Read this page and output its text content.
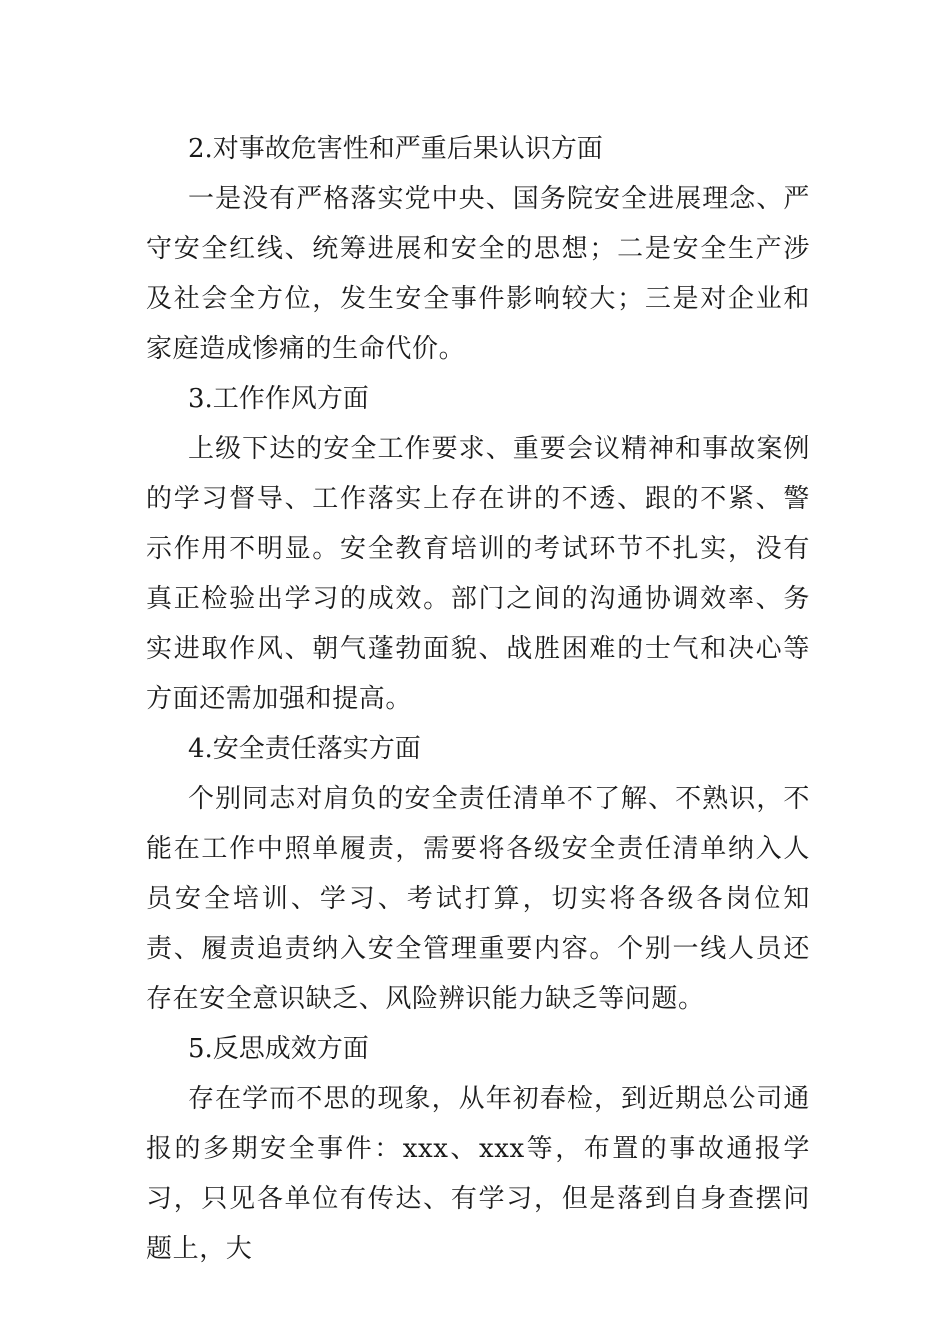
2.对事故危害性和严重后果认识方面

一是没有严格落实党中央、国务院安全进展理念、严守安全红线、统筹进展和安全的思想；二是安全生产涉及社会全方位，发生安全事件影响较大；三是对企业和家庭造成惨痛的生命代价。

3.工作作风方面

上级下达的安全工作要求、重要会议精神和事故案例的学习督导、工作落实上存在讲的不透、跟的不紧、警示作用不明显。安全教育培训的考试环节不扎实，没有真正检验出学习的成效。部门之间的沟通协调效率、务实进取作风、朝气蓬勃面貌、战胜困难的士气和决心等方面还需加强和提高。

4.安全责任落实方面

个别同志对肩负的安全责任清单不了解、不熟识，不能在工作中照单履责，需要将各级安全责任清单纳入人员安全培训、学习、考试打算，切实将各级各岗位知责、履责追责纳入安全管理重要内容。个别一线人员还存在安全意识缺乏、风险辨识能力缺乏等问题。

5.反思成效方面

存在学而不思的现象，从年初春检，到近期总公司通报的多期安全事件：xxx、xxx等，布置的事故通报学习，只见各单位有传达、有学习，但是落到自身查摆问题上，大
